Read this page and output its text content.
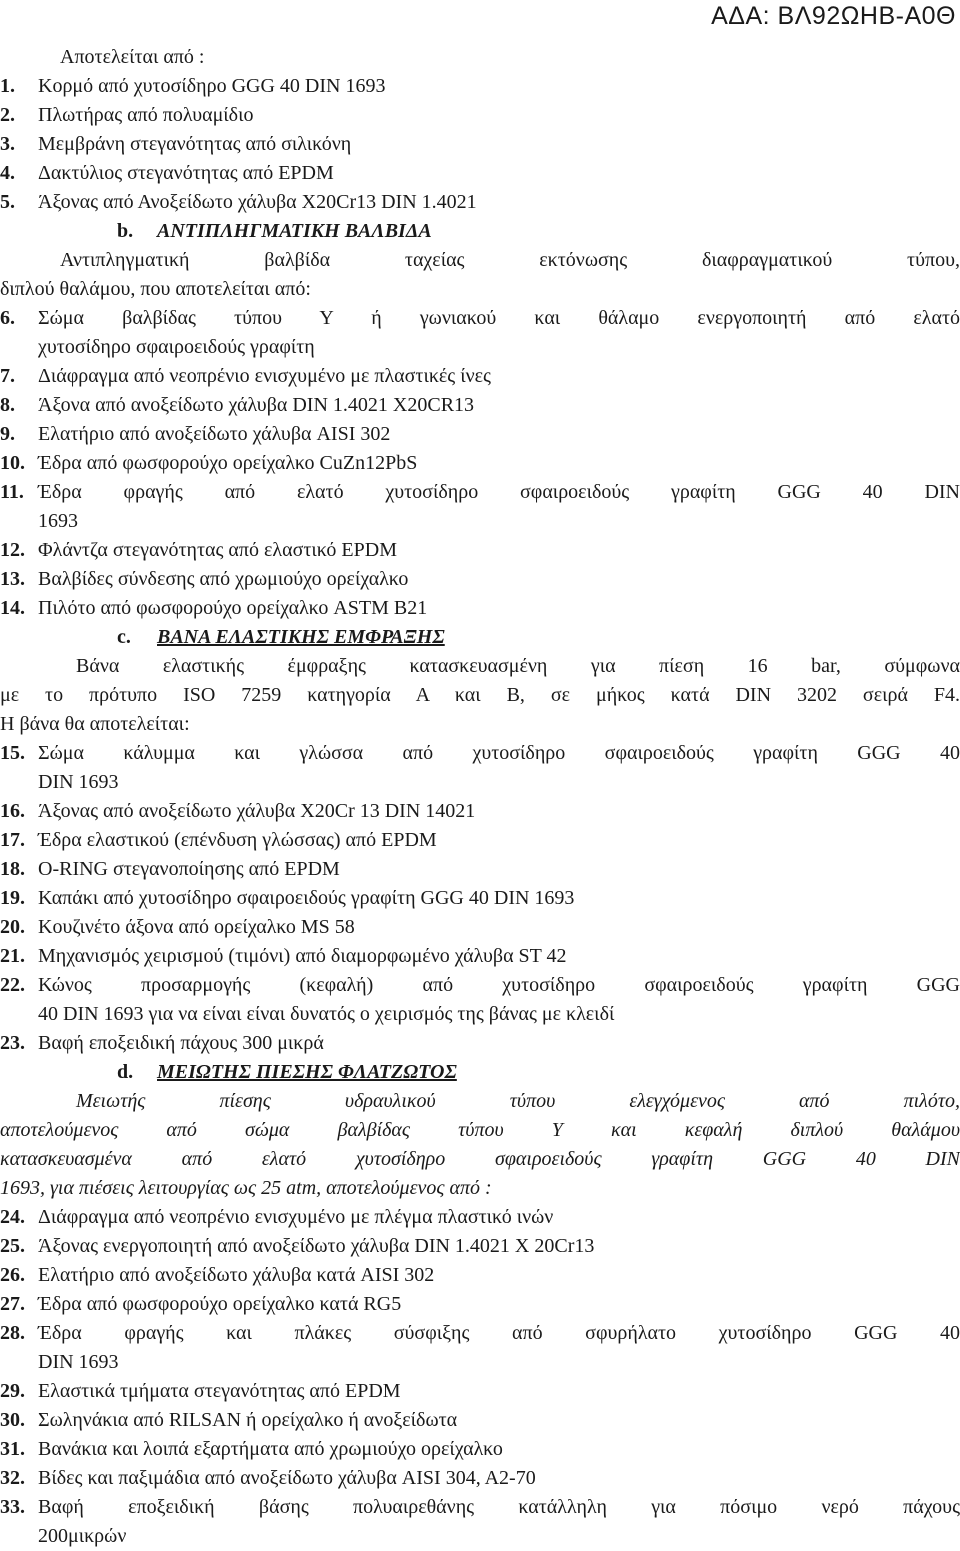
ΑΔΑ: ΒΛ92ΩΗΒ-Α0Θ
Αποτελείται από :
1. Κορμό από χυτοσίδηρο GGG 40 DIN 1693
2. Πλωτήρας από πολυαμίδιο
3. Μεμβράνη στεγανότητας από σιλικόνη
4. Δακτύλιος στεγανότητας από EPDM
5. Άξονας από Ανοξείδωτο χάλυβα X20Cr13 DIN 1.4021
b. ΑΝΤΙΠΛΗΓΜΑΤΙΚΗ ΒΑΛΒΙΔΑ
Αντιπληγματική βαλβίδα ταχείας εκτόνωσης διαφραγματικού τύπου,
διπλού θαλάμου, που αποτελείται από:
6. Σώμα βαλβίδας τύπου Υ ή γωνιακού και θάλαμο ενεργοποιητή από ελατό
χυτοσίδηρο σφαιροειδούς γραφίτη
7. Διάφραγμα από νεοπρένιο ενισχυμένο με πλαστικές ίνες
8. Άξονα από ανοξείδωτο χάλυβα DIN 1.4021 X20CR13
9. Ελατήριο από ανοξείδωτο χάλυβα AISI 302
10. Έδρα από φωσφορούχο ορείχαλκο CuZn12PbS
11. Έδρα φραγής από ελατό χυτοσίδηρο σφαιροειδούς γραφίτη GGG 40 DIN
1693
12. Φλάντζα στεγανότητας από ελαστικό EPDM
13. Βαλβίδες σύνδεσης από χρωμιούχο ορείχαλκο
14. Πιλότο από φωσφορούχο ορείχαλκο ASTM B21
c. ΒΑΝΑ ΕΛΑΣΤΙΚΗΣ ΕΜΦΡΑΞΗΣ
Βάνα ελαστικής έμφραξης κατασκευασμένη για πίεση 16 bar, σύμφωνα
με το πρότυπο ISO 7259 κατηγορία Α και Β, σε μήκος κατά DIN 3202 σειρά F4.
Η βάνα θα αποτελείται:
15. Σώμα κάλυμμα και γλώσσα από χυτοσίδηρο σφαιροειδούς γραφίτη GGG 40
DIN 1693
16. Άξονας από ανοξείδωτο χάλυβα X20Cr 13 DIN 14021
17. Έδρα ελαστικού (επένδυση γλώσσας) από EPDM
18. O-RING στεγανοποίησης από EPDM
19. Καπάκι από χυτοσίδηρο σφαιροειδούς γραφίτη GGG 40 DIN 1693
20. Κουζινέτο άξονα από ορείχαλκο MS 58
21. Μηχανισμός χειρισμού (τιμόνι) από διαμορφωμένο χάλυβα ST 42
22. Κώνος προσαρμογής (κεφαλή) από χυτοσίδηρο σφαιροειδούς γραφίτη GGG
40 DIN 1693 για να είναι είναι δυνατός ο χειρισμός της βάνας με κλειδί
23. Βαφή εποξειδική πάχους 300 μικρά
d. ΜΕΙΩΤΗΣ ΠΙΕΣΗΣ ΦΛΑΤΖΩΤΟΣ
Μειωτής πίεσης υδραυλικού τύπου ελεγχόμενος από πιλότο,
αποτελούμενος από σώμα βαλβίδας τύπου Υ και κεφαλή διπλού θαλάμου
κατασκευασμένα από ελατό χυτοσίδηρο σφαιροειδούς γραφίτη GGG 40 DIN
1693, για πιέσεις λειτουργίας ως 25 atm, αποτελούμενος από :
24. Διάφραγμα από νεοπρένιο ενισχυμένο με πλέγμα πλαστικό ινών
25. Άξονας ενεργοποιητή από ανοξείδωτο χάλυβα DIN 1.4021 X 20Cr13
26. Ελατήριο από ανοξείδωτο χάλυβα κατά AISI 302
27. Έδρα από φωσφορούχο ορείχαλκο κατά RG5
28. Έδρα φραγής και πλάκες σύσφιξης από σφυρήλατο χυτοσίδηρο GGG 40
DIN 1693
29. Ελαστικά τμήματα στεγανότητας από EPDM
30. Σωληνάκια από RILSAN ή ορείχαλκο ή ανοξείδωτα
31. Βανάκια και λοιπά εξαρτήματα από χρωμιούχο ορείχαλκο
32. Βίδες και παξιμάδια από ανοξείδωτο χάλυβα AISI 304, A2-70
33. Βαφή εποξειδική βάσης πολυαιρεθάνης κατάλληλη για πόσιμο νερό πάχους
200μικρών
